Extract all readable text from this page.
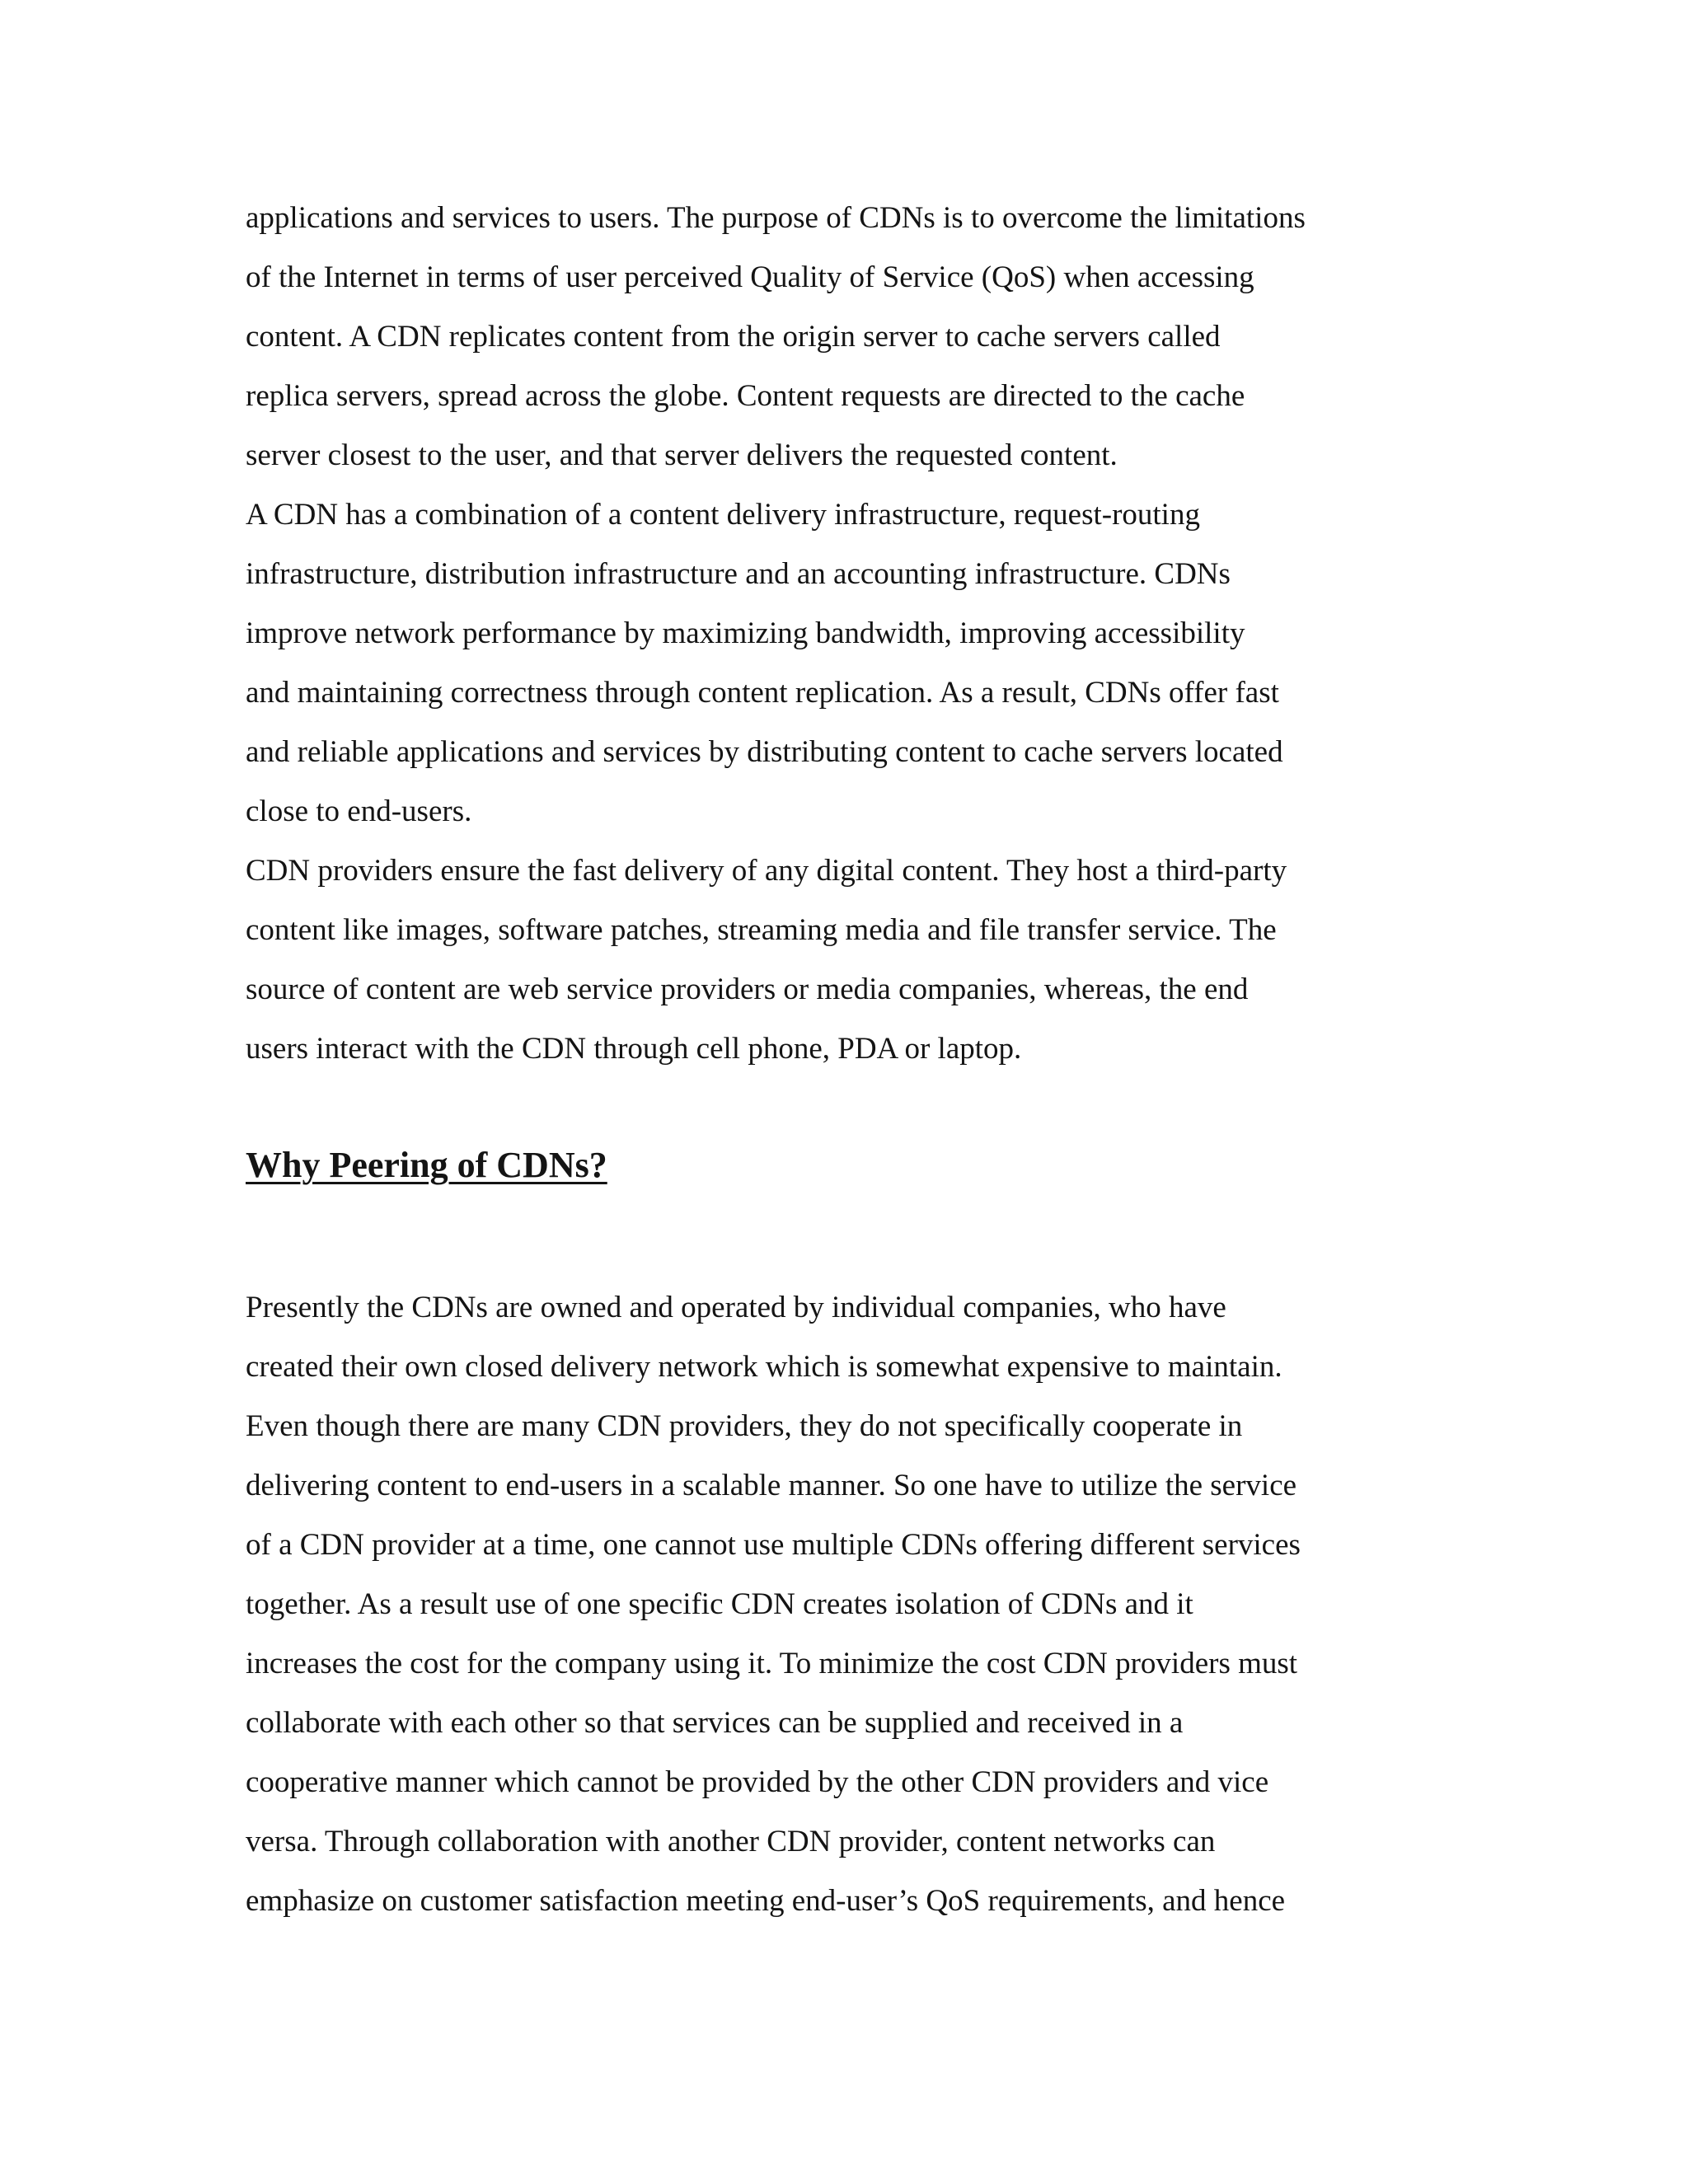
applications and services to users. The purpose of CDNs is to overcome the limitations
of the Internet in terms of user perceived Quality of Service (QoS) when accessing
content. A CDN replicates content from the origin server to cache servers called
replica servers, spread across the globe. Content requests are directed to the cache
server closest to the user, and that server delivers the requested content.
A CDN has a combination of a content delivery infrastructure, request-routing
infrastructure, distribution infrastructure and an accounting infrastructure. CDNs
improve network performance by maximizing bandwidth, improving accessibility
and maintaining correctness through content replication. As a result, CDNs offer fast
and reliable applications and services by distributing content to cache servers located
close to end-users.
CDN providers ensure the fast delivery of any digital content. They host a third-party
content like images, software patches, streaming media and file transfer service. The
source of content are web service providers or media companies, whereas, the end
users interact with the CDN through cell phone, PDA or laptop.
Why Peering of CDNs?
Presently the CDNs are owned and operated by individual companies, who have
created their own closed delivery network which is somewhat expensive to maintain.
Even though there are many CDN providers, they do not specifically cooperate in
delivering content to end-users in a scalable manner. So one have to utilize the service
of a CDN provider at a time, one cannot use multiple CDNs offering different services
together. As a result use of one specific CDN creates isolation of CDNs and it
increases the cost for the company using it. To minimize the cost CDN providers must
collaborate with each other so that services can be supplied and received in a
cooperative manner which cannot be provided by the other CDN providers and vice
versa. Through collaboration with another CDN provider, content networks can
emphasize on customer satisfaction meeting end-user’s QoS requirements, and hence
